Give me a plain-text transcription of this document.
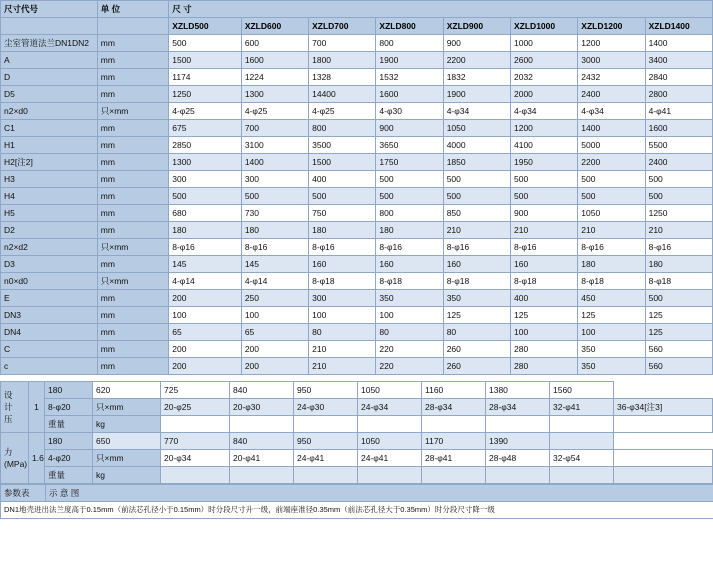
尺寸代号	单 位	尺 寸							
		XZLD500	XZLD600	XZLD700	XZLD800	XZLD900	XZLD1000	XZLD1200	XZLD1400
尘室管道法兰DN1DN2	mm	500	600	700	800	900	1000	1200	1400
A	mm	1500	1600	1800	1900	2200	2600	3000	3400
D	mm	1174	1224	1328	1532	1832	2032	2432	2840
D5	mm	1250	1300	14400	1600	1900	2000	2400	2800
n2×d0	只×mm	4-φ25	4-φ25	4-φ25	4-φ30	4-φ34	4-φ34	4-φ34	4-φ41
C1	mm	675	700	800	900	1050	1200	1400	1600
H1	mm	2850	3100	3500	3650	4000	4100	5000	5500
H2[注2]	mm	1300	1400	1500	1750	1850	1950	2200	2400
H3	mm	300	300	400	500	500	500	500	500
H4	mm	500	500	500	500	500	500	500	500
H5	mm	680	730	750	800	850	900	1050	1250
D2	mm	180	180	180	180	210	210	210	210
n2×d2	只×mm	8-φ16	8-φ16	8-φ16	8-φ16	8-φ16	8-φ16	8-φ16	8-φ16
D3	mm	145	145	160	160	160	160	180	180
n0×d0	只×mm	4-φ14	4-φ14	8-φ18	8-φ18	8-φ18	8-φ18	8-φ18	8-φ18
E	mm	200	250	300	350	350	400	450	500
DN3	mm	100	100	100	100	125	125	125	125
DN4	mm	65	65	80	80	80	100	100	125
C	mm	200	200	210	220	260	280	350	560
c	mm	200	200	210	220	260	280	350	560
设
计
压	1	180	620	725	840	950	1050	1160	1380	1560	
		8-φ20	只×mm	20-φ25	20-φ30	24-φ30	24-φ34	28-φ34	28-φ34	32-φ41	36-φ34[注3]
		重量	kg								

力
(MPa)	1.6	180	650	770	840	950	1050	1170	1390		
		4-φ20	只×mm	20-φ34	20-φ41	24-φ41	24-φ41	28-φ41	28-φ48	32-φ54	
		重量	kg								
参数表	示 意 图
DN1地壳进出法兰度高于0.15mm（前法芯孔径小于0.15mm）时分段尺寸升一级，前端座准径0.35mm（前法芯孔径大于0.35mm）时分段尺寸降一级
